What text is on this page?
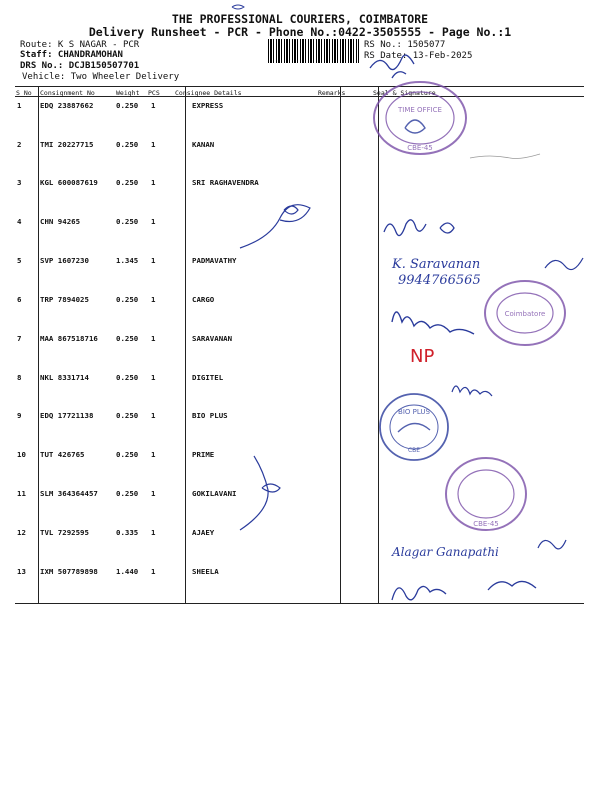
THE PROFESSIONAL COURIERS, COIMBATORE
Delivery Runsheet - PCR - Phone No.:0422-3505555 - Page No.:1
Route: K S NAGAR - PCR
Staff: CHANDRAMOHAN
DRS No.: DCJB150507701
Vehicle: Two Wheeler Delivery
RS No.: 1505077
RS Date: 13-Feb-2025
S No Consignment No	Weight PCS Consignee Details	Remarks	Seal & Signature
1	EDQ 23887662	0.250 1	EXPRESS
2	TMI 20227715	0.250 1	KANAN
3	KGL 600087619 0.250 1	SRI RAGHAVENDRA
4	CHN 94265	0.250 1
5	SVP 1607230	1.345 1	PADMAVATHY
6	TRP 7894025	0.250 1	CARGO
7	MAA 867518716 0.250 1	SARAVANAN
8	NKL 8331714	0.250 1	DIGITEL
9	EDQ 17721138	0.250 1	BIO PLUS
10 TUT 426765	0.250 1	PRIME
11 SLM 364364457 0.250 1	GOKILAVANI
12 TVL 7292595	0.335 1	AJAEY
13 IXM 507789898 1.440 1	SHEELA
TIME OFFICE
CBE-45
K. Saravanan
9944766565
Coimbatore
NP
BIO PLUS
CBE
CBE-45
Alagar Ganapathi
